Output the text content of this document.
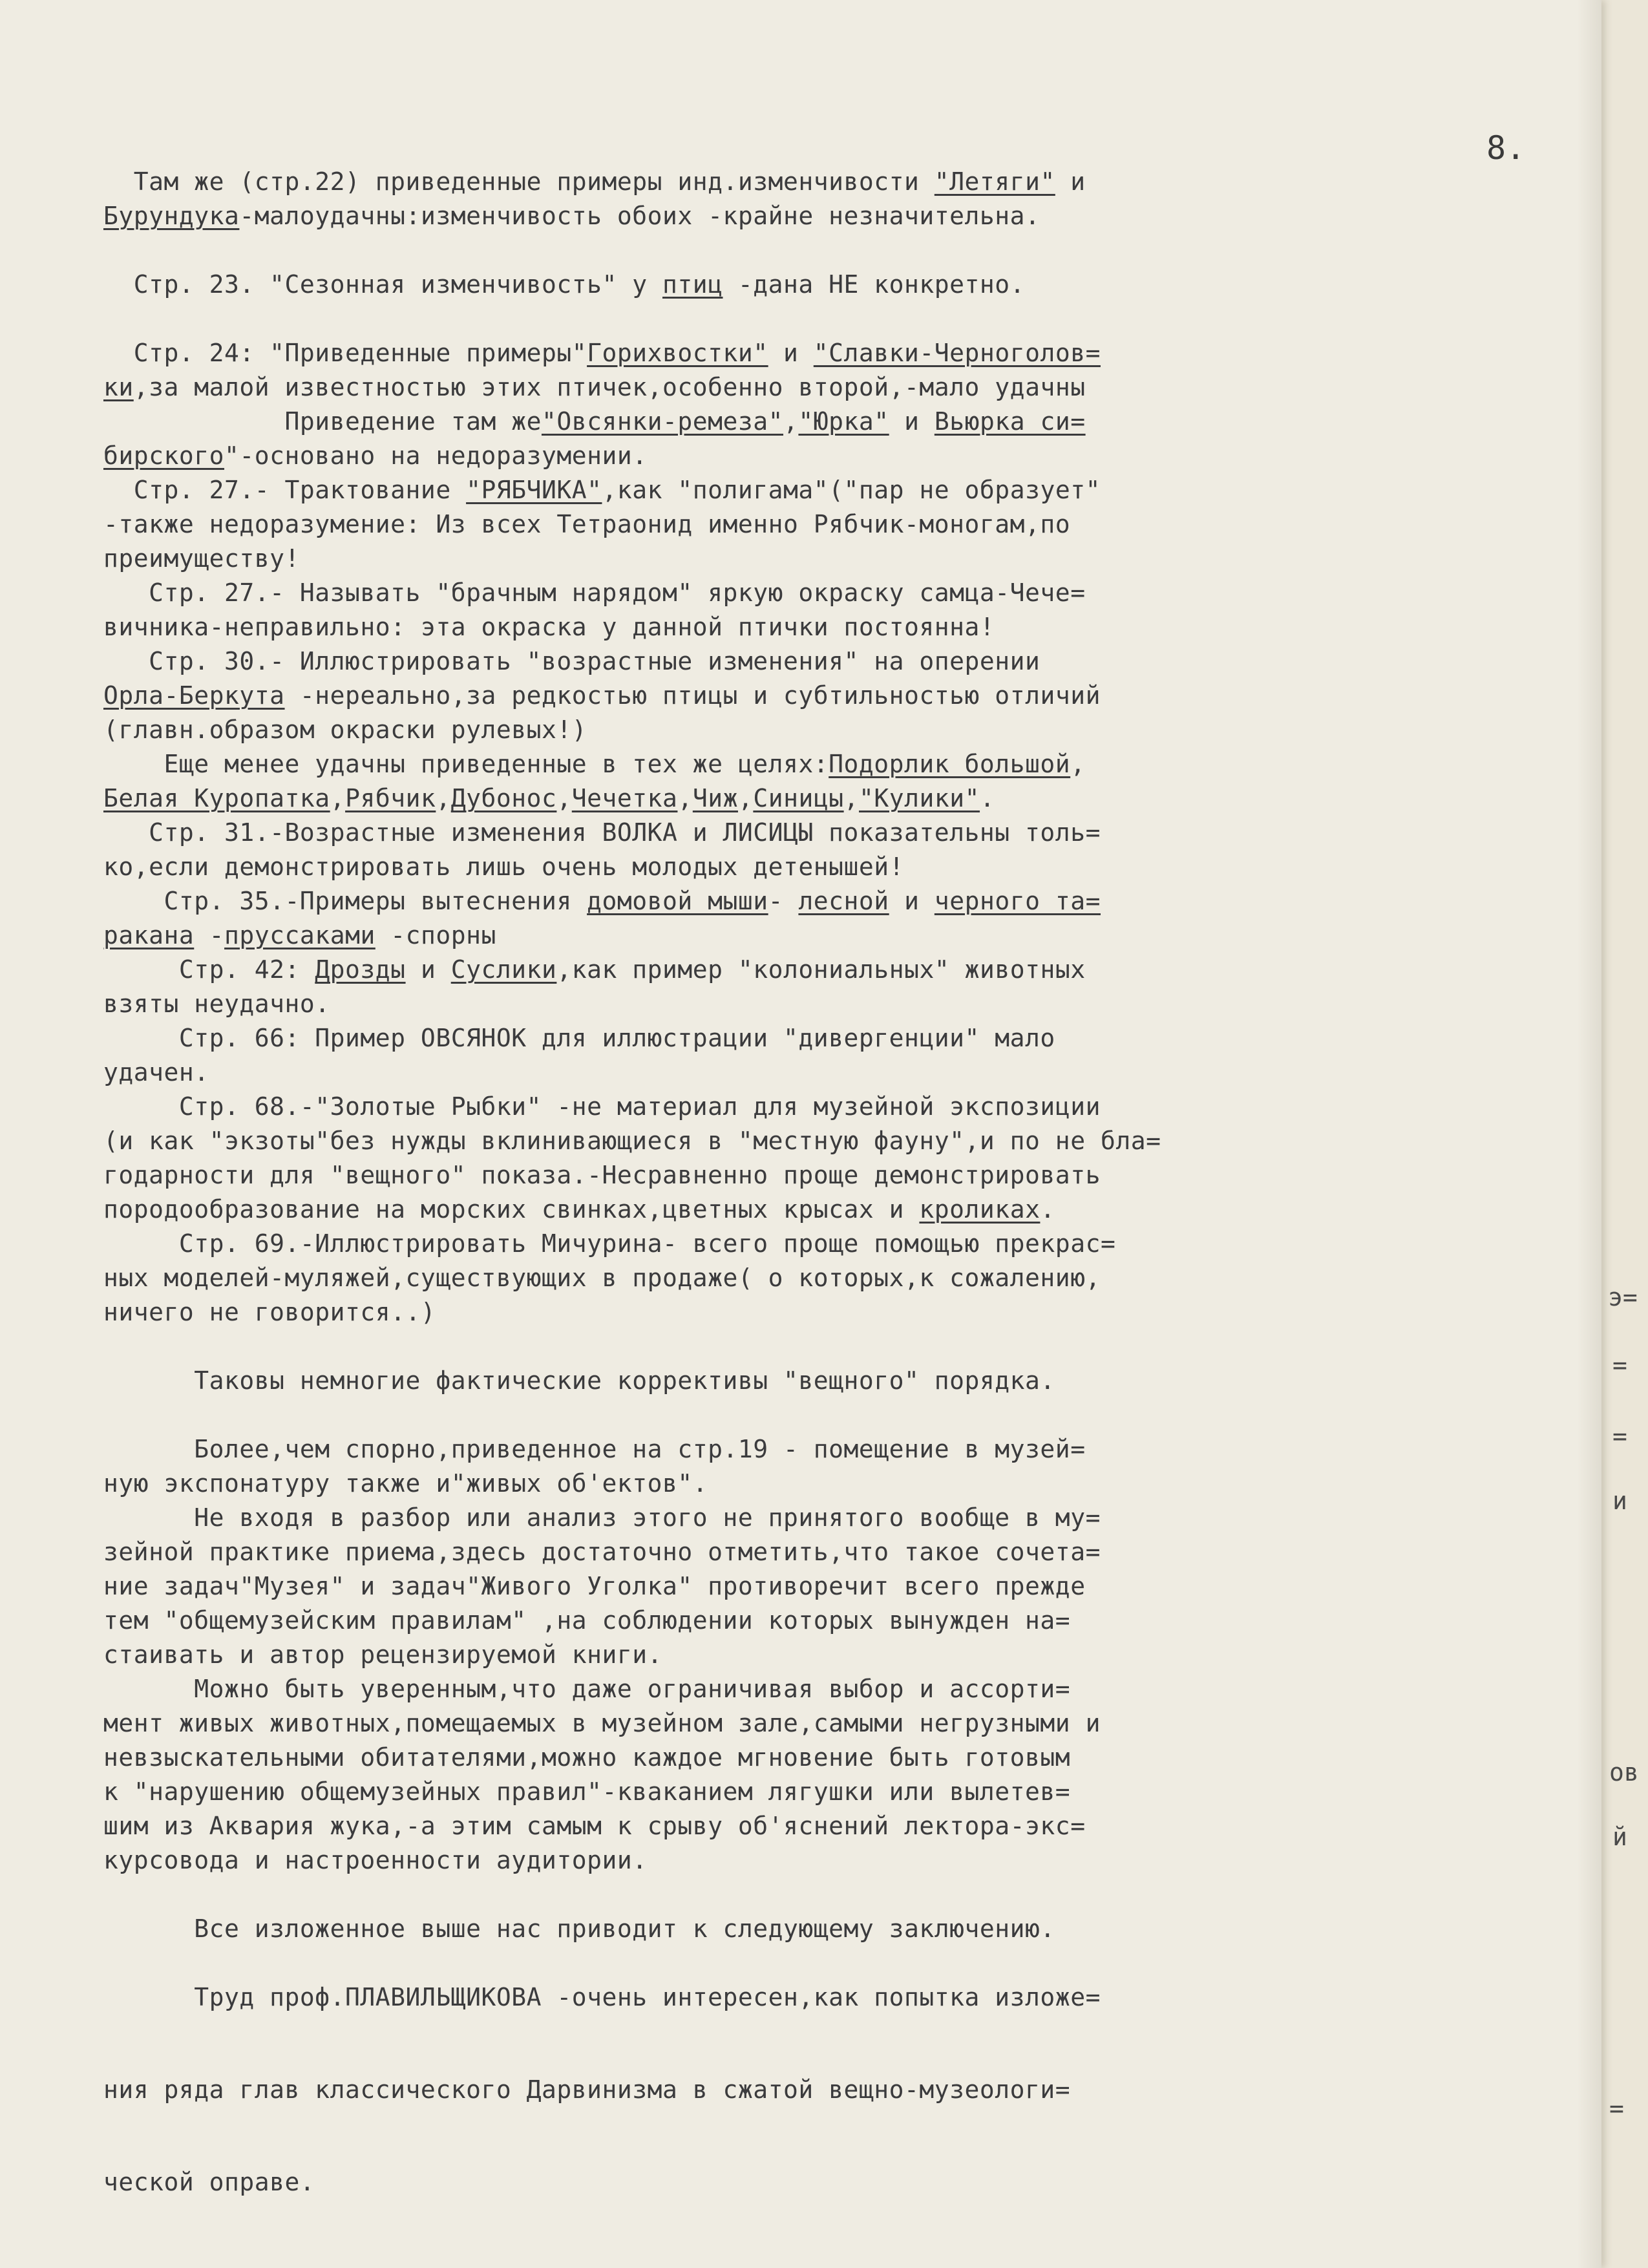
8.
Там же (стр.22) приведенные примеры инд.изменчивости "Летяги" и
Бурундука-малоудачны:изменчивость обоих -крайне незначительна.
Стр. 23. "Сезонная изменчивость" у птиц -дана НЕ конкретно.
Стр. 24: "Приведенные примеры"Горихвостки" и "Славки-Черноголов=
ки,за малой известностью этих птичек,особенно второй,-мало удачны
Приведение там же"Овсянки-ремеза","Юрка" и Вьюрка си=
бирского"-основано на недоразумении.
Стр. 27.- Трактование "РЯБЧИКА",как "полигама"("пар не образует"
-также недоразумение: Из всех Тетраонид именно Рябчик-моногам,по
преимуществу!
Стр. 27.- Называть "брачным нарядом" яркую окраску самца-Чече=
вичника-неправильно: эта окраска у данной птички постоянна!
Стр. 30.- Иллюстрировать "возрастные изменения" на оперении
Орла-Беркута -нереально,за редкостью птицы и субтильностью отличий
(главн.образом окраски рулевых!)
Еще менее удачны приведенные в тех же целях:Подорлик большой,
Белая Куропатка,Рябчик,Дубонос,Чечетка,Чиж,Синицы,"Кулики".
Стр. 31.-Возрастные изменения ВОЛКА и ЛИСИЦЫ показательны толь=
ко,если демонстрировать лишь очень молодых детенышей!
Стр. 35.-Примеры вытеснения домовой мыши- лесной и черного та=
ракана -пруссаками -спорны
Стр. 42: Дрозды и Суслики,как пример "колониальных" животных
взяты неудачно.
Стр. 66: Пример ОВСЯНОК для иллюстрации "дивергенции" мало
удачен.
Стр. 68.-"Золотые Рыбки" -не материал для музейной экспозиции
(и как "экзоты"без нужды вклинивающиеся в "местную фауну",и по не бла=
годарности для "вещного" показа.-Несравненно проще демонстрировать
породообразование на морских свинках,цветных крысах и кроликах.
Стр. 69.-Иллюстрировать Мичурина- всего проще помощью прекрас=
ных моделей-муляжей,существующих в продаже( о которых,к сожалению,
ничего не говорится..)
Таковы немногие фактические коррективы "вещного" порядка.
Более,чем спорно,приведенное на стр.19 - помещение в музей=
ную экспонатуру также и"живых об'ектов".
Не входя в разбор или анализ этого не принятого вообще в му=
зейной практике приема,здесь достаточно отметить,что такое сочета=
ние задач"Музея" и задач"Живого Уголка" противоречит всего прежде
тем "общемузейским правилам" ,на соблюдении которых вынужден на=
стаивать и автор рецензируемой книги.
Можно быть уверенным,что даже ограничивая выбор и ассорти=
мент живых животных,помещаемых в музейном зале,самыми негрузными и
невзыскательными обитателями,можно каждое мгновение быть готовым
к "нарушению общемузейных правил"-кваканием лягушки или вылетев=
шим из Аквария жука,-а этим самым к срыву об'яснений лектора-экс=
курсовода и настроенности аудитории.
Все изложенное выше нас приводит к следующему заключению.
Труд проф.ПЛАВИЛЬЩИКОВА -очень интересен,как попытка изложе=
ния ряда глав классического Дарвинизма в сжатой вещно-музеологи=
ческой оправе.
э=
=
=
и
ов
й
=
